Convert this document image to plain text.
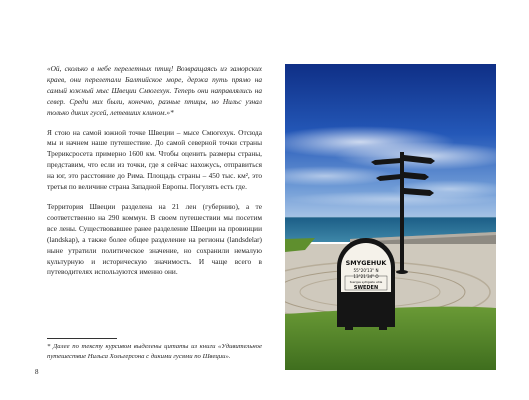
«Ой, сколько в небе перелетных птиц! Возвращаясь из заморских краев, они перелетали Балтийское море, держа путь прямо на самый южный мыс Швеции Смюгехук. Теперь они направлялись на север. Среди них были, конечно, разные птицы, но Нильс узнал только диких гусей, летевших клином.»*

Я стою на самой южной точке Швеции – мысе Смюгехук. Отсюда мы и начнем наше путешествие. До самой северной точки страны Трериксросета примерно 1600 км. Чтобы оценить размеры страны, представим, что если из точки, где я сейчас нахожусь, отправиться на юг, это расстояние до Рима. Площадь страны – 450 тыс. км², это третья по величине страна Западной Европы. Погулять есть где.

Территория Швеции разделена на 21 лен (губернию), а те соответственно на 290 коммун. В своем путешествии мы посетим все лены. Существовавшее ранее разделение Швеции на провинции (landskap), а также более общее разделение на регионы (landsdelar) ныне утратили политическое значение, но сохранили немалую культурную и историческую значимость. И чаще всего в путеводителях используются именно они.

* Далее по тексту курсивом выделены цитаты из книги «Удивительное путешествие Нильса Хольгерсона с дикими гусями по Швеции».

8
SMYGEHUK
55°20'13" N
13°21'34" O
Sveriges sydligaste udde
SWEDEN
